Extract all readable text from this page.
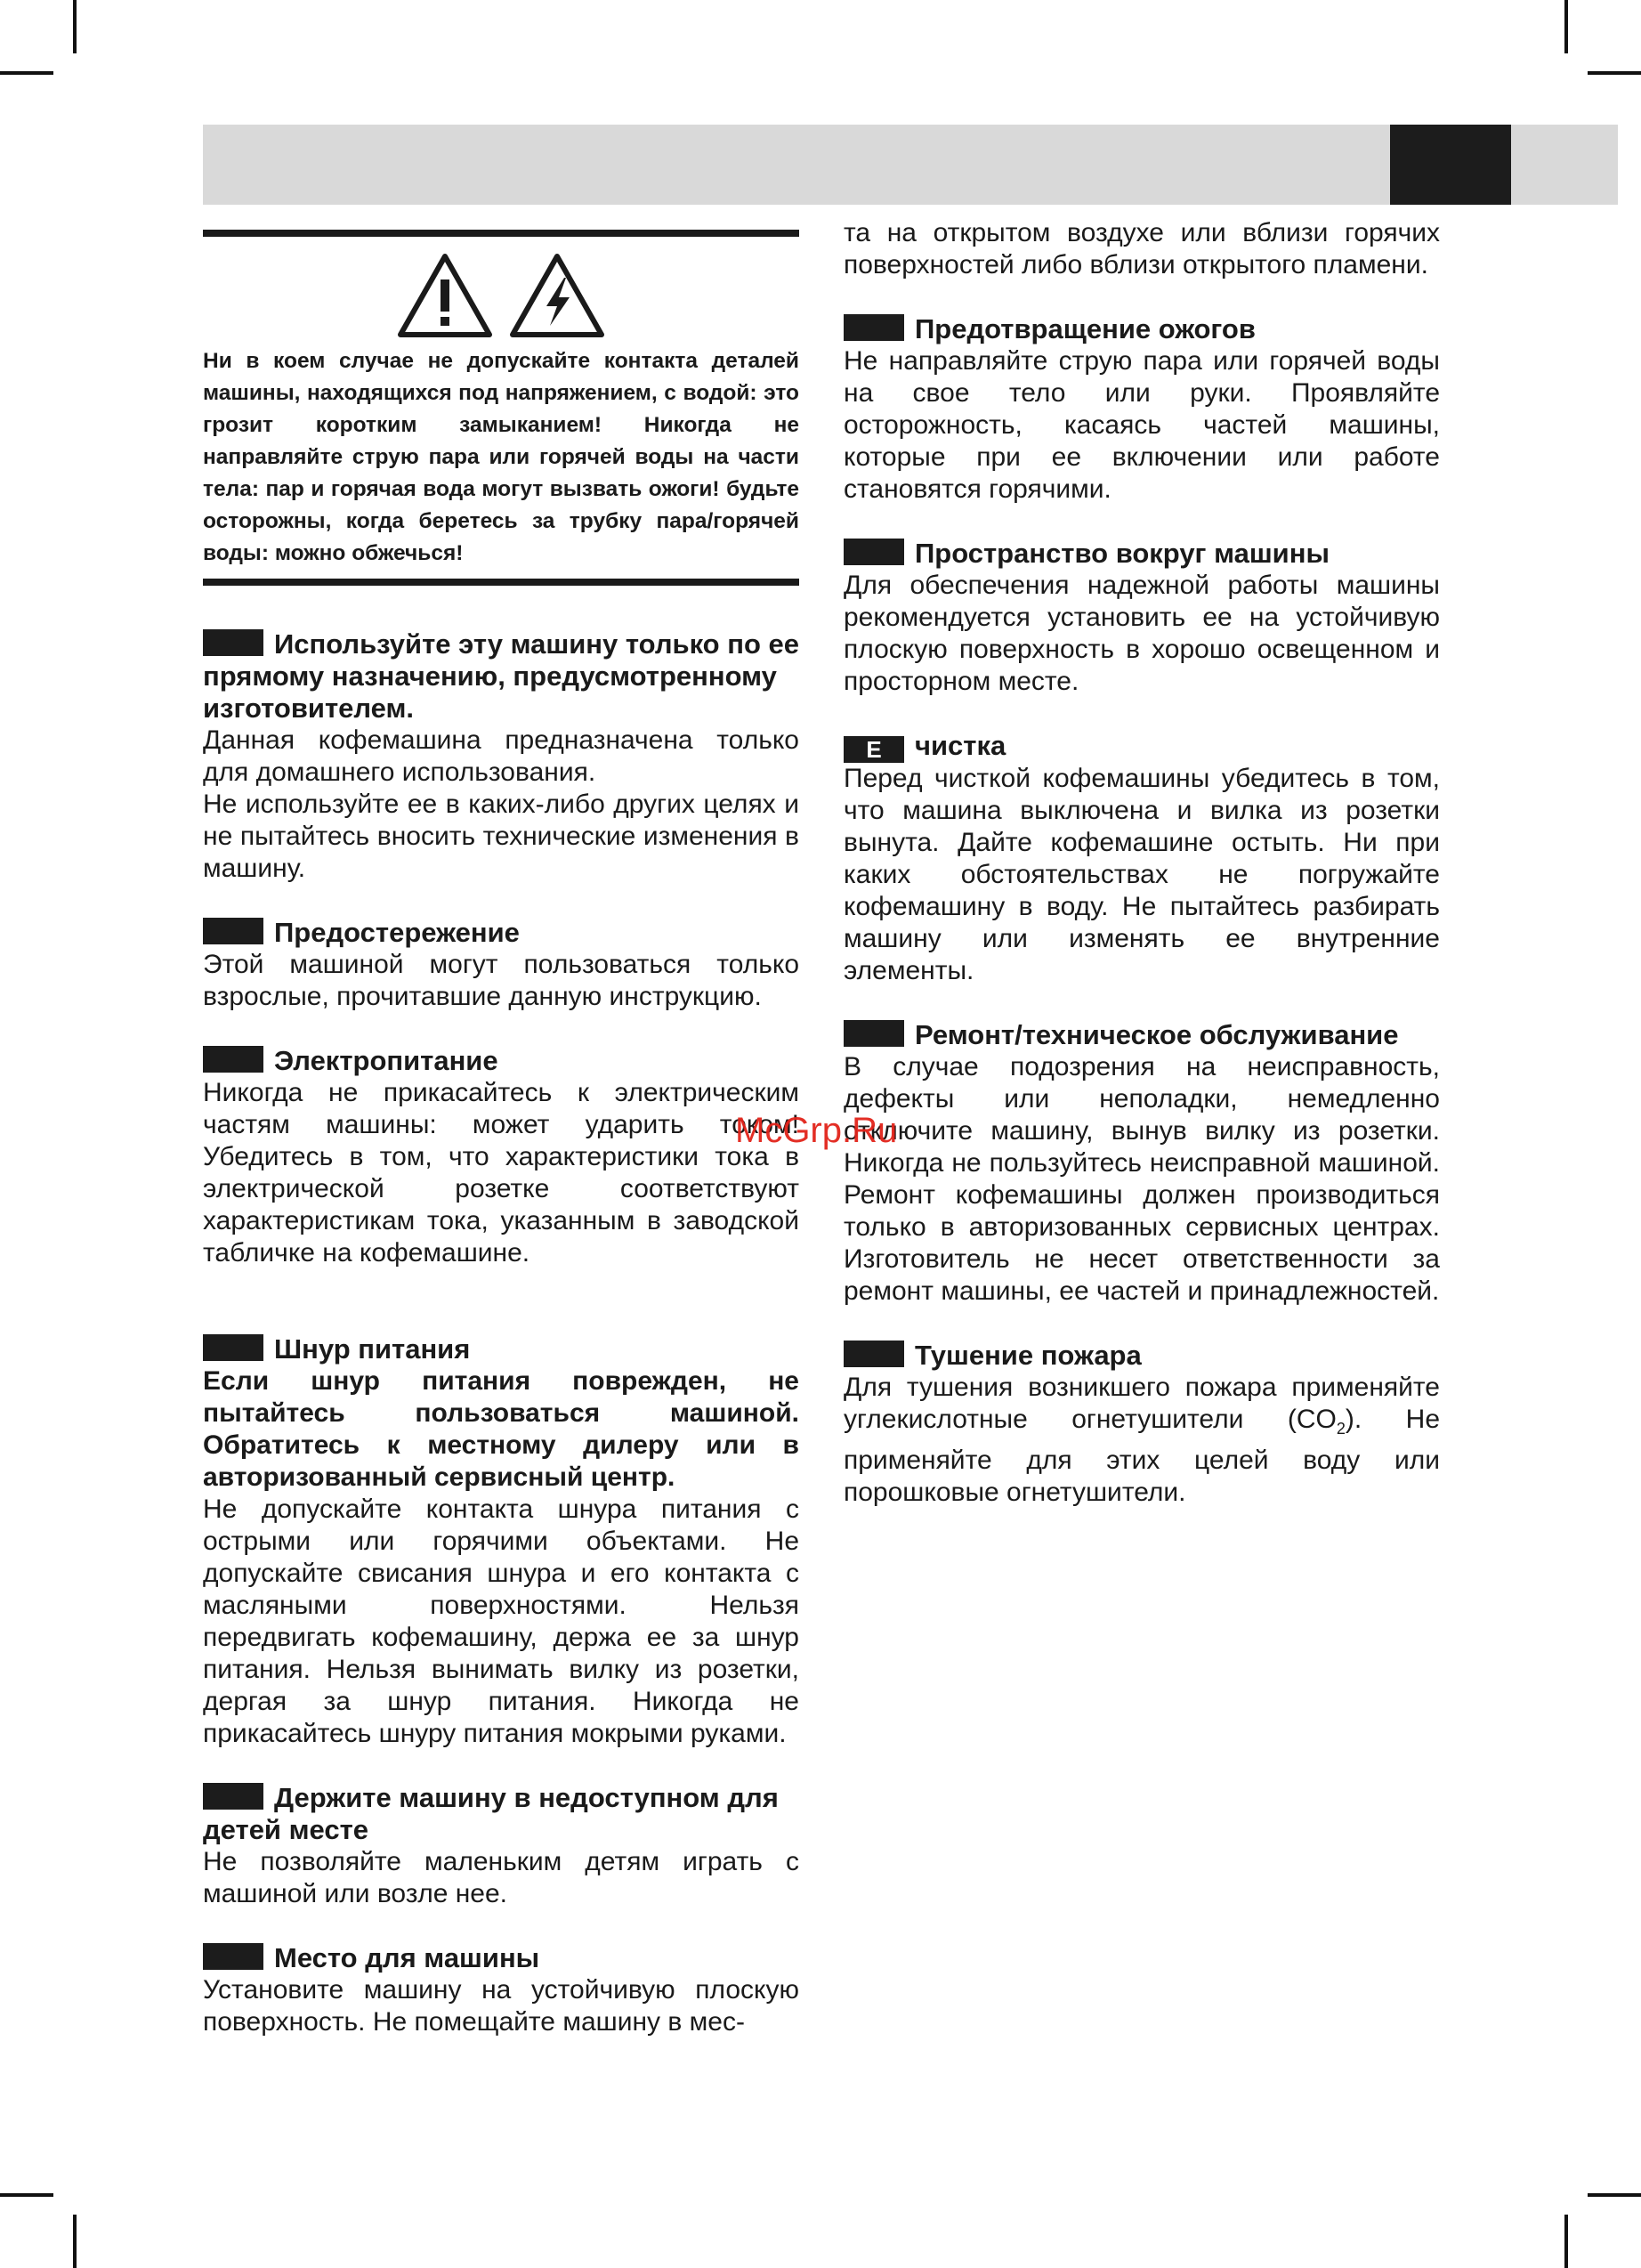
Ни в коем случае не допускайте контакта деталей машины, находящихся под напряжением, с водой: это грозит коротким замыканием! Никогда не направляйте струю пара или горячей воды на части тела: пар и горячая вода могут вызвать ожоги! будьте осторожны, когда беретесь за трубку пара/горячей воды: можно обжечься!

Используйте эту машину только по ее прямому назначению, предусмотренному изготовителем.

Данная кофемашина предназначена только для домашнего использования.

Не используйте ее в каких-либо других целях и не пытайтесь вносить технические изменения в машину.

Предостережение

Этой машиной могут пользоваться только взрослые, прочитавшие данную инструкцию.

Электропитание

Никогда не прикасайтесь к электрическим частям машины: может ударить током! Убедитесь в том, что характеристики тока в электрической розетке соответствуют характеристикам тока, указанным в заводской табличке на кофемашине.

Шнур питания

Если шнур питания поврежден, не пытайтесь пользоваться машиной. Обратитесь к местному дилеру или в авторизованный сервисный центр.

Не допускайте контакта шнура питания с острыми или горячими объектами. Не допускайте свисания шнура и его контакта с масляными поверхностями. Нельзя передвигать кофемашину, держа ее за шнур питания. Нельзя вынимать вилку из розетки, дергая за шнур питания. Никогда не прикасайтесь шнуру питания мокрыми руками.

Держите машину в недоступном для детей месте

Не позволяйте маленьким детям играть с машиной или возле нее.

Место для машины

Установите машину на устойчивую плоскую поверхность. Не помещайте машину в мес-

та на открытом воздухе или вблизи горячих поверхностей либо вблизи открытого пламени.

Предотвращение ожогов

Не направляйте струю пара или горячей воды на свое тело или руки. Проявляйте осторожность, касаясь частей машины, которые при ее включении или работе становятся горячими.

Пространство вокруг машины

Для обеспечения надежной работы машины рекомендуется установить ее на устойчивую плоскую поверхность в хорошо освещенном и просторном месте.

E чистка

Перед чисткой кофемашины убедитесь в том, что машина выключена и вилка из розетки вынута. Дайте кофемашине остыть. Ни при каких обстоятельствах не погружайте кофемашину в воду. Не пытайтесь разбирать машину или изменять ее внутренние элементы.

Ремонт/техническое обслуживание

В случае подозрения на неисправность, дефекты или неполадки, немедленно отключите машину, вынув вилку из розетки. Никогда не пользуйтесь неисправной машиной. Ремонт кофемашины должен производиться только в авторизованных сервисных центрах. Изготовитель не несет ответственности за ремонт машины, ее частей и принадлежностей.

Тушение пожара

Для тушения возникшего пожара применяйте углекислотные огнетушители $(CO_2)$. Не применяйте для этих целей воду или порошковые огнетушители.

McGrp.Ru
